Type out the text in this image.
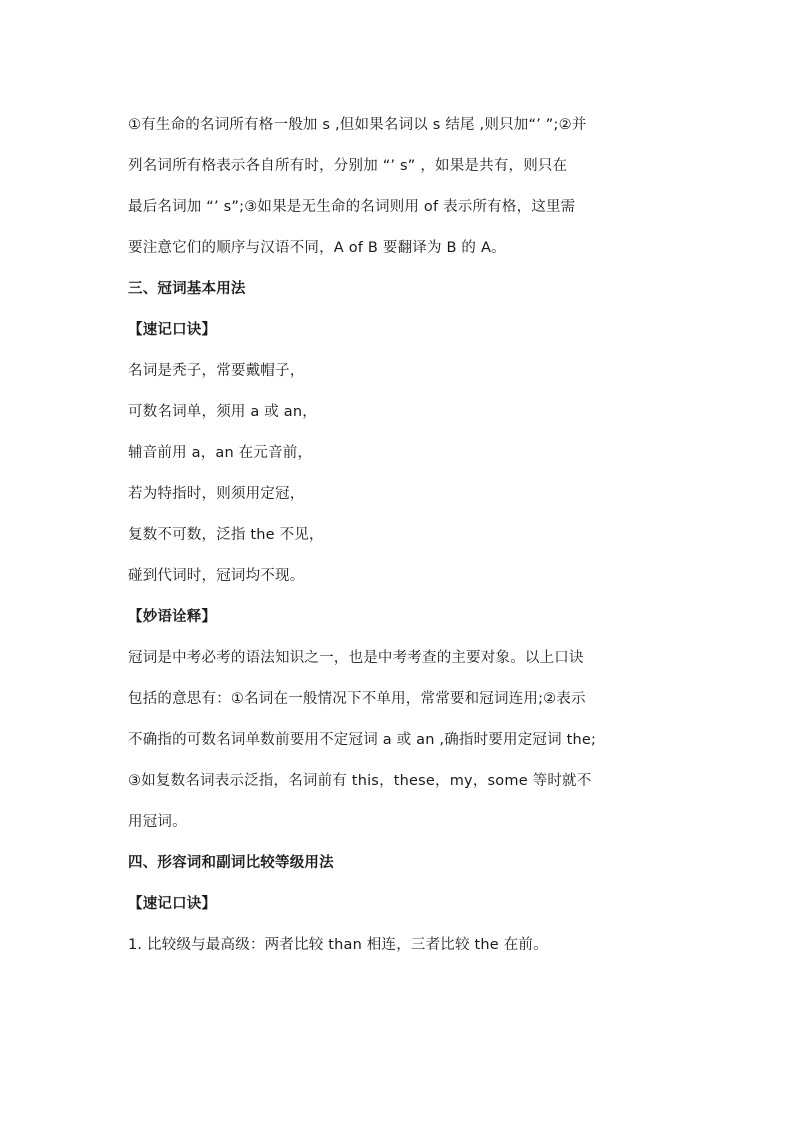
①有生命的名词所有格一般加 s ,但如果名词以 s 结尾 ,则只加“’ ”;②并
列名词所有格表示各自所有时，分别加 “’ s” ，如果是共有，则只在
最后名词加 “’ s”;③如果是无生命的名词则用 of 表示所有格，这里需
要注意它们的顺序与汉语不同，A of B 要翻译为 B 的 A。
三、冠词基本用法
【速记口诀】
名词是秃子，常要戴帽子，
可数名词单，须用 a 或 an，
辅音前用 a，an 在元音前，
若为特指时，则须用定冠，
复数不可数，泛指 the 不见，
碰到代词时，冠词均不现。
【妙语诠释】
冠词是中考必考的语法知识之一，也是中考考查的主要对象。以上口诀
包括的意思有：①名词在一般情况下不单用，常常要和冠词连用;②表示
不确指的可数名词单数前要用不定冠词 a 或 an ,确指时要用定冠词 the;
③如复数名词表示泛指，名词前有 this，these，my，some 等时就不
用冠词。
四、形容词和副词比较等级用法
【速记口诀】
1. 比较级与最高级：两者比较 than 相连，三者比较 the 在前。
